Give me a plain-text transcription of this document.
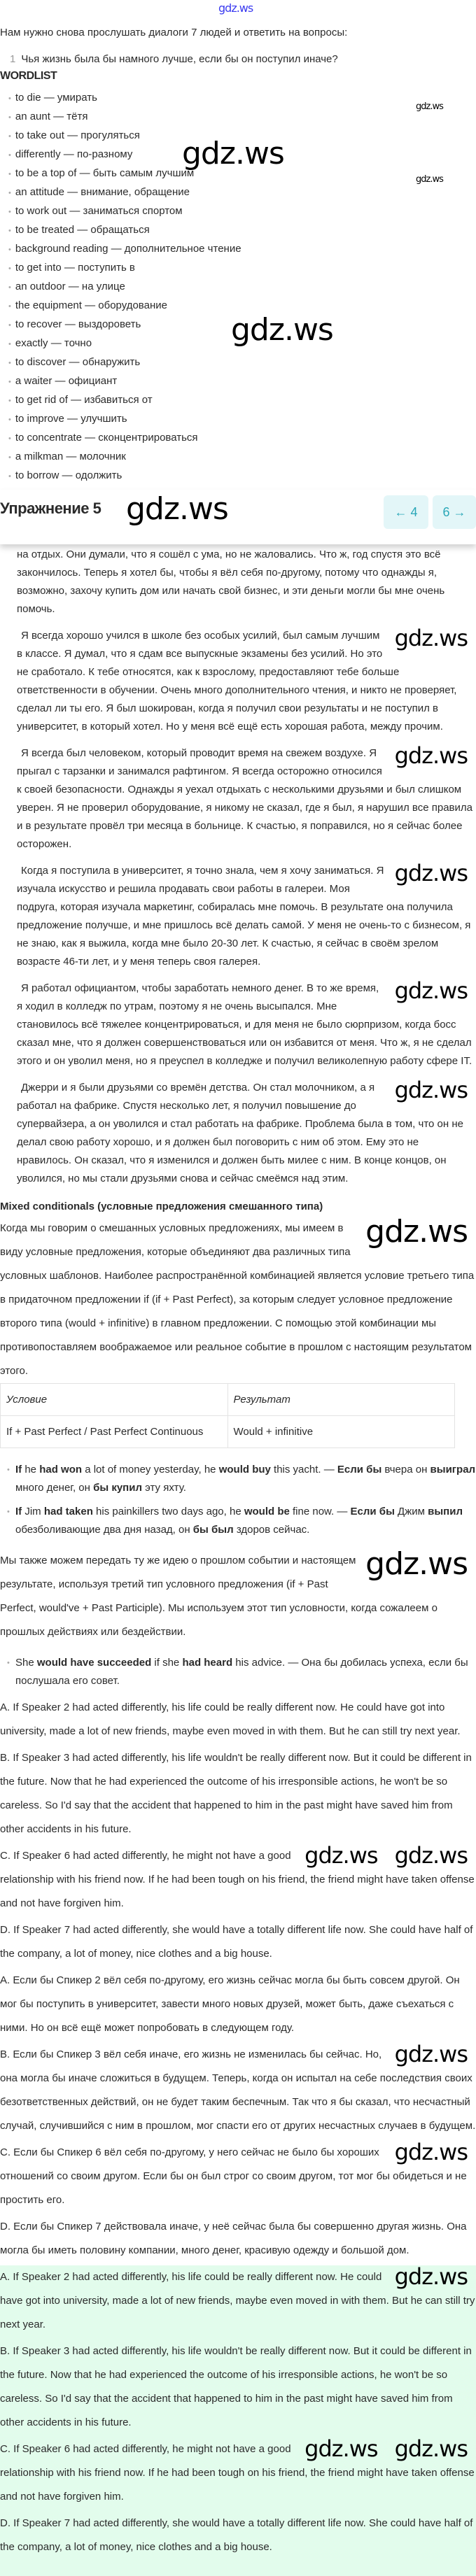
gdz.ws
Нам нужно снова прослушать диалоги 7 людей и ответить на вопросы:
1 Чья жизнь была бы намного лучше, если бы он поступил иначе?
WORDLIST
• to die — умирать
• an aunt — тётя
• to take out — прогуляться
• differently — по-разному
• to be a top of — быть самым лучшим
• an attitude — внимание, обращение
• to work out — заниматься спортом
• to be treated — обращаться
• background reading — дополнительное чтение
• to get into — поступить в
• an outdoor — на улице
• the equipment — оборудование
• to recover — выздороветь
• exactly — точно
• to discover — обнаружить
• a waiter — официант
• to get rid of — избавиться от
• to improve — улучшить
• to concentrate — сконцентрироваться
• a milkman — молочник
• to borrow — одолжить
Упражнение 5	← 4	6 →
на отдых. Они думали, что я сошёл с ума, но не жаловались. Что ж, год спустя это всё закончилось. Теперь я хотел бы, чтобы я вёл себя по-другому, потому что однажды я, возможно, захочу купить дом или начать свой бизнес, и эти деньги могли бы мне очень помочь.
gdz.ws
Я всегда хорошо учился в школе без особых усилий, был самым лучшим в классе. Я думал, что я сдам все выпускные экзамены без усилий. Но это не сработало. К тебе относятся, как к взрослому, предоставляют тебе больше ответственности в обучении. Очень много дополнительного чтения, и никто не проверяет, сделал ли ты его. Я был шокирован, когда я получил свои результаты и не поступил в университет, в который хотел. Но у меня всё ещё есть хорошая работа, между прочим.
gdz.ws
Я всегда был человеком, который проводит время на свежем воздухе. Я прыгал с тарзанки и занимался рафтингом. Я всегда осторожно относился к своей безопасности. Однажды я уехал отдыхать с несколькими друзьями и был слишком уверен. Я не проверил оборудование, я никому не сказал, где я был, я нарушил все правила и в результате провёл три месяца в больнице. К счастью, я поправился, но я сейчас более осторожен.
gdz.ws
Когда я поступила в университет, я точно знала, чем я хочу заниматься. Я изучала искусство и решила продавать свои работы в галереи. Моя подруга, которая изучала маркетинг, собиралась мне помочь. В результате она получила предложение получше, и мне пришлось всё делать самой. У меня не очень-то с бизнесом, я не знаю, как я выжила, когда мне было 20-30 лет. К счастью, я сейчас в своём зрелом возрасте 46-ти лет, и у меня теперь своя галерея.
gdz.ws
Я работал официантом, чтобы заработать немного денег. В то же время, я ходил в колледж по утрам, поэтому я не очень высыпался. Мне становилось всё тяжелее концентрироваться, и для меня не было сюрпризом, когда босс сказал мне, что я должен совершенствоваться или он избавится от меня. Что ж, я не сделал этого и он уволил меня, но я преуспел в колледже и получил великолепную работу сфере IT.
gdz.ws
Джерри и я были друзьями со времён детства. Он стал молочником, а я работал на фабрике. Спустя несколько лет, я получил повышение до супервайзера, а он уволился и стал работать на фабрике. Проблема была в том, что он не делал свою работу хорошо, и я должен был поговорить с ним об этом. Ему это не нравилось. Он сказал, что я изменился и должен быть милее с ним. В конце концов, он уволился, но мы стали друзьями снова и сейчас смеёмся над этим.
Mixed conditionals (условные предложения смешанного типа)

gdz.ws
Когда мы говорим о смешанных условных предложениях, мы имеем в виду условные предложения, которые объединяют два различных типа условных шаблонов. Наиболее распространённой комбинацией является условие третьего типа в придаточном предложении if (if + Past Perfect), за которым следует условное предложение второго типа (would + infinitive) в главном предложении. С помощью этой комбинации мы противопоставляем воображаемое или реальное событие в прошлом с настоящим результатом этого.

Условие	Результат
If + Past Perfect / Past Perfect Continuous	Would + infinitive
• If he had won a lot of money yesterday, he would buy this yacht. — Если бы вчера он выиграл много денег, он бы купил эту яхту.
• If Jim had taken his painkillers two days ago, he would be fine now. — Если бы Джим выпил обезболивающие два дня назад, он бы был здоров сейчас.

gdz.ws
Мы также можем передать ту же идею о прошлом событии и настоящем результате, используя третий тип условного предложения (if + Past Perfect, would've + Past Participle). Мы используем этот тип условности, когда сожалеем о прошлых действиях или бездействии.

• She would have succeeded if she had heard his advice. — Она бы добилась успеха, если бы послушала его совет.

A. If Speaker 2 had acted differently, his life could be really different now. He could have got into university, made a lot of new friends, maybe even moved in with them. But he can still try next year.

B. If Speaker 3 had acted differently, his life wouldn't be really different now. But it could be different in the future. Now that he had experienced the outcome of his irresponsible actions, he won't be so careless. So I'd say that the accident that happened to him in the past might have saved him from other accidents in his future.

gdz.ws
gdz.ws
C. If Speaker 6 had acted differently, he might not have a good relationship with his friend now. If he had been tough on his friend, the friend might have taken offense and not have forgiven him.

D. If Speaker 7 had acted differently, she would have a totally different life now. She could have half of the company, a lot of money, nice clothes and a big house.

A. Если бы Спикер 2 вёл себя по-другому, его жизнь сейчас могла бы быть совсем другой. Он мог бы поступить в университет, завести много новых друзей, может быть, даже съехаться с ними. Но он всё ещё может попробовать в следующем году.

gdz.ws
B. Если бы Спикер 3 вёл себя иначе, его жизнь не изменилась бы сейчас. Но, она могла бы иначе сложиться в будущем. Теперь, когда он испытал на себе последствия своих безответственных действий, он не будет таким беспечным. Так что я бы сказал, что несчастный случай, случившийся с ним в прошлом, мог спасти его от других несчастных случаев в будущем.

gdz.ws
C. Если бы Спикер 6 вёл себя по-другому, у него сейчас не было бы хороших отношений со своим другом. Если бы он был строг со своим другом, тот мог бы обидеться и не простить его.

D. Если бы Спикер 7 действовала иначе, у неё сейчас была бы совершенно другая жизнь. Она могла бы иметь половину компании, много денег, красивую одежду и большой дом.

gdz.ws
A. If Speaker 2 had acted differently, his life could be really different now. He could have got into university, made a lot of new friends, maybe even moved in with them. But he can still try next year.

B. If Speaker 3 had acted differently, his life wouldn't be really different now. But it could be different in the future. Now that he had experienced the outcome of his irresponsible actions, he won't be so careless. So I'd say that the accident that happened to him in the past might have saved him from other accidents in his future.

gdz.ws
gdz.ws
C. If Speaker 6 had acted differently, he might not have a good relationship with his friend now. If he had been tough on his friend, the friend might have taken offense and not have forgiven him.

D. If Speaker 7 had acted differently, she would have a totally different life now. She could have half of the company, a lot of money, nice clothes and a big house.

gdz.ws
gdz.ws
gdz.ws
gdz.ws
gdz.ws
